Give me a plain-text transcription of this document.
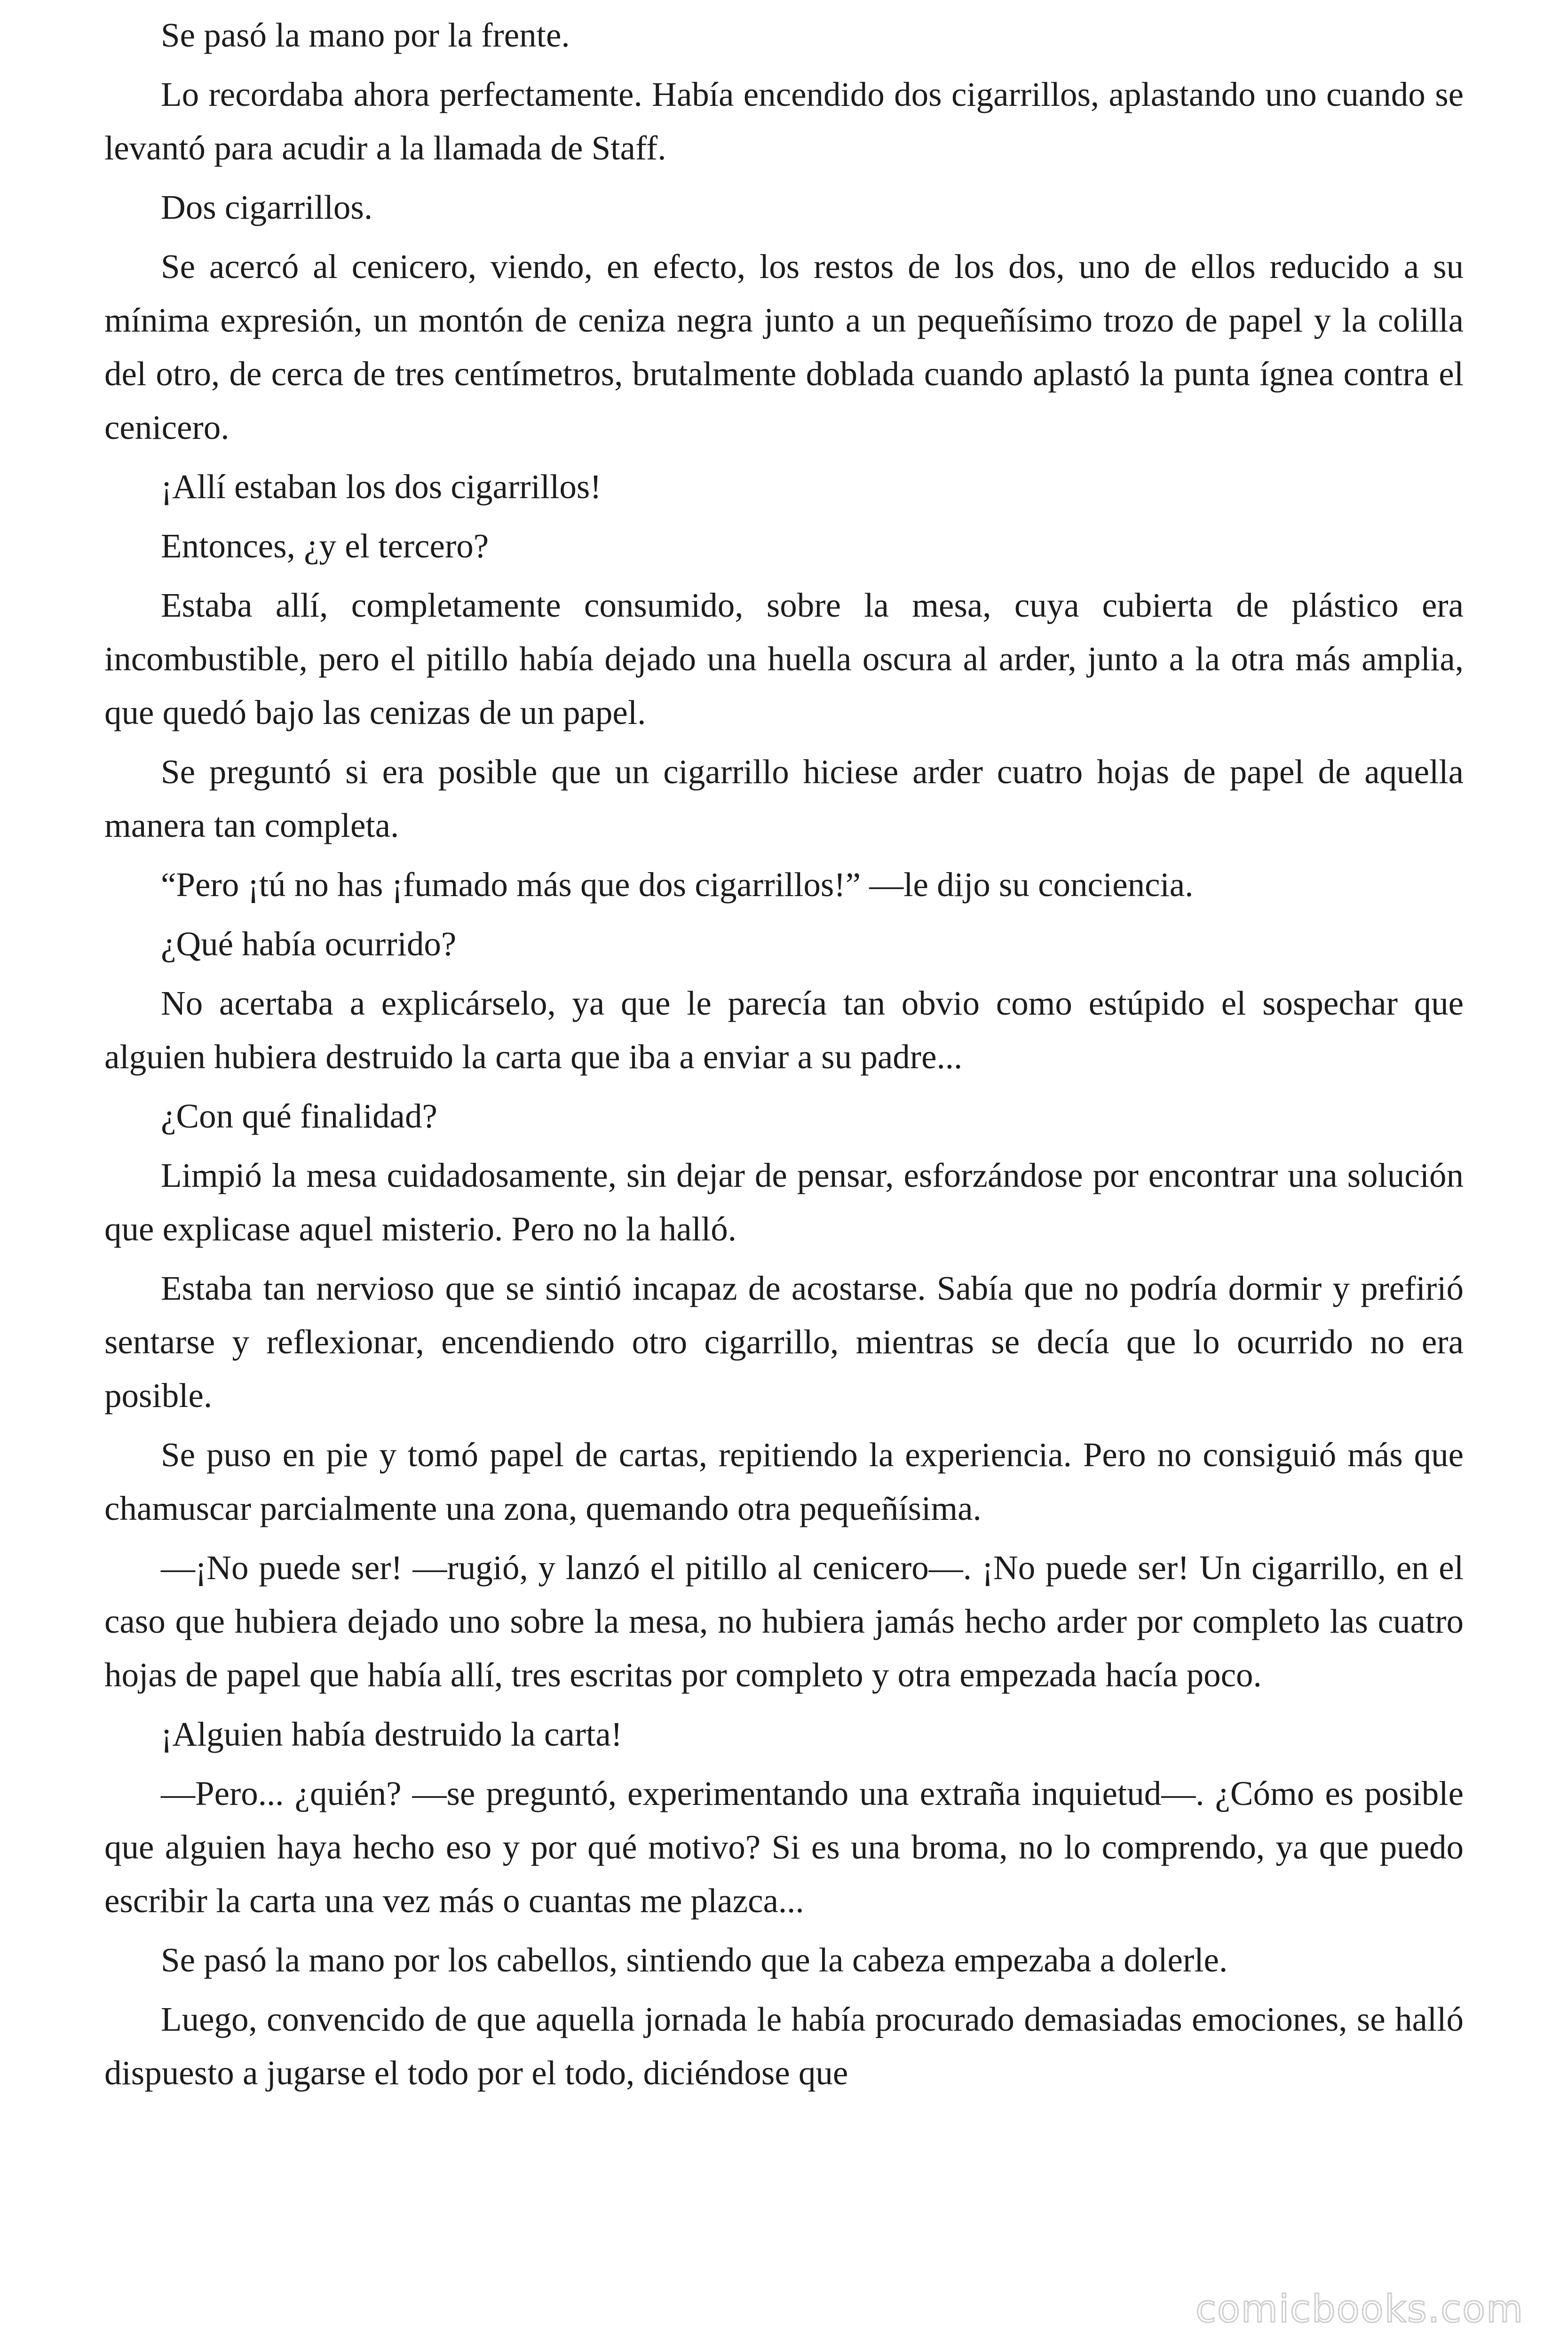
Se pasó la mano por la frente.

Lo recordaba ahora perfectamente. Había encendido dos cigarrillos, aplastando uno cuando se levantó para acudir a la llamada de Staff.

Dos cigarrillos.

Se acercó al cenicero, viendo, en efecto, los restos de los dos, uno de ellos reducido a su mínima expresión, un montón de ceniza negra junto a un pequeñísimo trozo de papel y la colilla del otro, de cerca de tres centímetros, brutalmente doblada cuando aplastó la punta ígnea contra el cenicero.

¡Allí estaban los dos cigarrillos!

Entonces, ¿y el tercero?

Estaba allí, completamente consumido, sobre la mesa, cuya cubierta de plástico era incombustible, pero el pitillo había dejado una huella oscura al arder, junto a la otra más amplia, que quedó bajo las cenizas de un papel.

Se preguntó si era posible que un cigarrillo hiciese arder cuatro hojas de papel de aquella manera tan completa.

“Pero ¡tú no has ¡fumado más que dos cigarrillos!” —le dijo su conciencia.

¿Qué había ocurrido?

No acertaba a explicárselo, ya que le parecía tan obvio como estúpido el sospechar que alguien hubiera destruido la carta que iba a enviar a su padre...

¿Con qué finalidad?

Limpió la mesa cuidadosamente, sin dejar de pensar, esforzándose por encontrar una solución que explicase aquel misterio. Pero no la halló.

Estaba tan nervioso que se sintió incapaz de acostarse. Sabía que no podría dormir y prefirió sentarse y reflexionar, encendiendo otro cigarrillo, mientras se decía que lo ocurrido no era posible.

Se puso en pie y tomó papel de cartas, repitiendo la experiencia. Pero no consiguió más que chamuscar parcialmente una zona, quemando otra pequeñísima.

—¡No puede ser! —rugió, y lanzó el pitillo al cenicero—. ¡No puede ser! Un cigarrillo, en el caso que hubiera dejado uno sobre la mesa, no hubiera jamás hecho arder por completo las cuatro hojas de papel que había allí, tres escritas por completo y otra empezada hacía poco.

¡Alguien había destruido la carta!

—Pero... ¿quién? —se preguntó, experimentando una extraña inquietud—. ¿Cómo es posible que alguien haya hecho eso y por qué motivo? Si es una broma, no lo comprendo, ya que puedo escribir la carta una vez más o cuantas me plazca...

Se pasó la mano por los cabellos, sintiendo que la cabeza empezaba a dolerle.

Luego, convencido de que aquella jornada le había procurado demasiadas emociones, se halló dispuesto a jugarse el todo por el todo, diciéndose que

comicbooks.com
